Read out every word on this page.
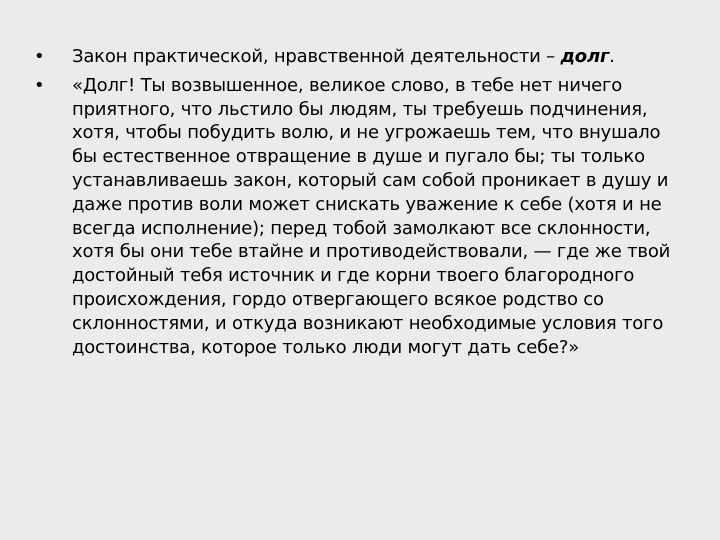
• Закон практической, нравственной деятельности – долг.
• «Долг! Ты возвышенное, великое слово, в тебе нет ничего приятного, что льстило бы людям, ты требуешь подчинения, хотя, чтобы побудить волю, и не угрожаешь тем, что внушало бы естественное отвращение в душе и пугало бы; ты только устанавливаешь закон, который сам собой проникает в душу и даже против воли может снискать уважение к себе (хотя и не всегда исполнение); перед тобой замолкают все склонности, хотя бы они тебе втайне и противодействовали, — где же твой достойный тебя источник и где корни твоего благородного происхождения, гордо отвергающего всякое родство со склонностями, и откуда возникают необходимые условия того достоинства, которое только люди могут дать себе?»
